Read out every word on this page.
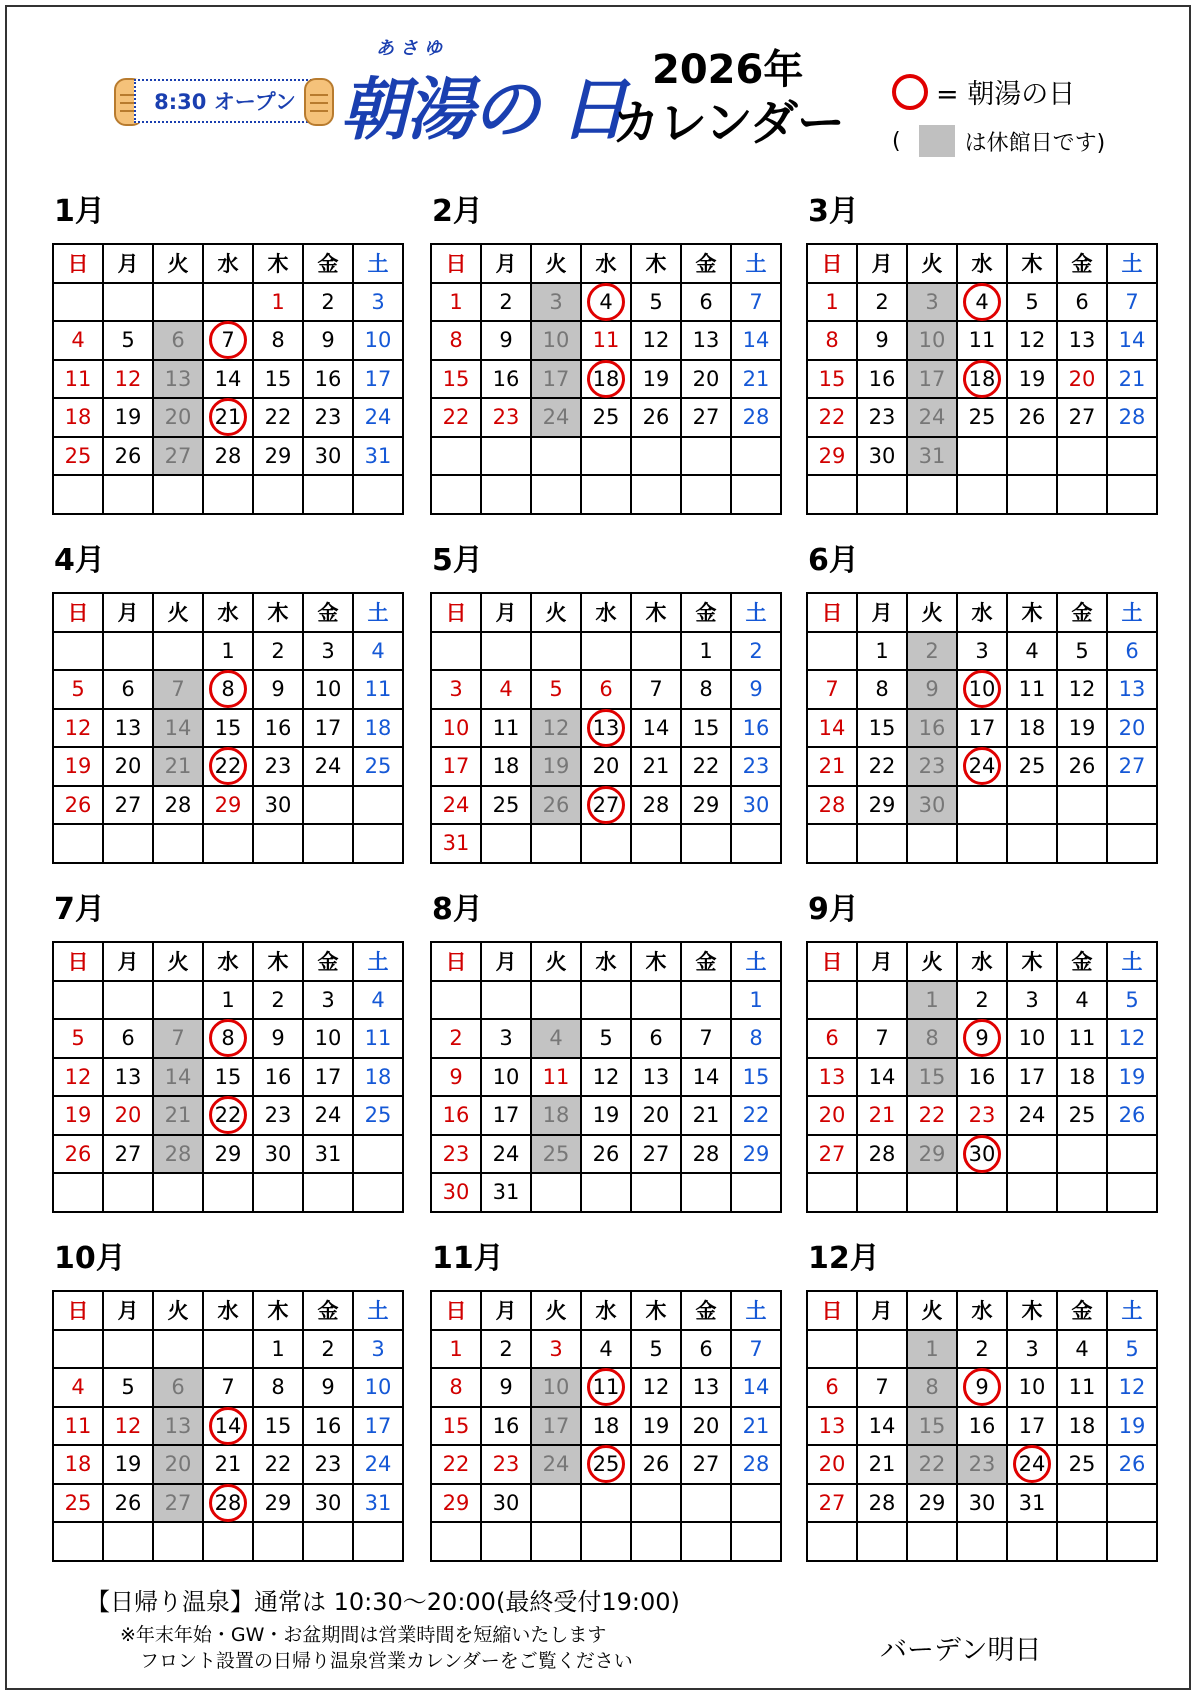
8:30 オープン
あさゆ
朝湯の 日
2026年
カレンダー
= 朝湯の日
(	は休館日です)
1月
日	月	火	水	木	金	土
				1	2	3
4	5	6	7	8	9	10
11	12	13	14	15	16	17
18	19	20	21	22	23	24
25	26	27	28	29	30	31

2月
日	月	火	水	木	金	土
1	2	3	4	5	6	7
8	9	10	11	12	13	14
15	16	17	18	19	20	21
22	23	24	25	26	27	28

3月
日	月	火	水	木	金	土
1	2	3	4	5	6	7
8	9	10	11	12	13	14
15	16	17	18	19	20	21
22	23	24	25	26	27	28
29	30	31				

4月
日	月	火	水	木	金	土
			1	2	3	4
5	6	7	8	9	10	11
12	13	14	15	16	17	18
19	20	21	22	23	24	25
26	27	28	29	30		

5月
日	月	火	水	木	金	土
					1	2
3	4	5	6	7	8	9
10	11	12	13	14	15	16
17	18	19	20	21	22	23
24	25	26	27	28	29	30
31						
6月
日	月	火	水	木	金	土
	1	2	3	4	5	6
7	8	9	10	11	12	13
14	15	16	17	18	19	20
21	22	23	24	25	26	27
28	29	30				

7月
日	月	火	水	木	金	土
			1	2	3	4
5	6	7	8	9	10	11
12	13	14	15	16	17	18
19	20	21	22	23	24	25
26	27	28	29	30	31	

8月
日	月	火	水	木	金	土
						1
2	3	4	5	6	7	8
9	10	11	12	13	14	15
16	17	18	19	20	21	22
23	24	25	26	27	28	29
30	31					
9月
日	月	火	水	木	金	土
		1	2	3	4	5
6	7	8	9	10	11	12
13	14	15	16	17	18	19
20	21	22	23	24	25	26
27	28	29	30

10月
日	月	火	水	木	金	土
				1	2	3
4	5	6	7	8	9	10
11	12	13	14	15	16	17
18	19	20	21	22	23	24
25	26	27	28	29	30	31

11月
日	月	火	水	木	金	土
1	2	3	4	5	6	7
8	9	10	11	12	13	14
15	16	17	18	19	20	21
22	23	24	25	26	27	28
29	30					

12月
日	月	火	水	木	金	土
		1	2	3	4	5
6	7	8	9	10	11	12
13	14	15	16	17	18	19
20	21	22	23	24	25	26
27	28	29	30	31		

【日帰り温泉】通常は 10:30〜20:00(最終受付19:00)
※年末年始・GW・お盆期間は営業時間を短縮いたします
フロント設置の日帰り温泉営業カレンダーをご覧ください	バーデン明日
